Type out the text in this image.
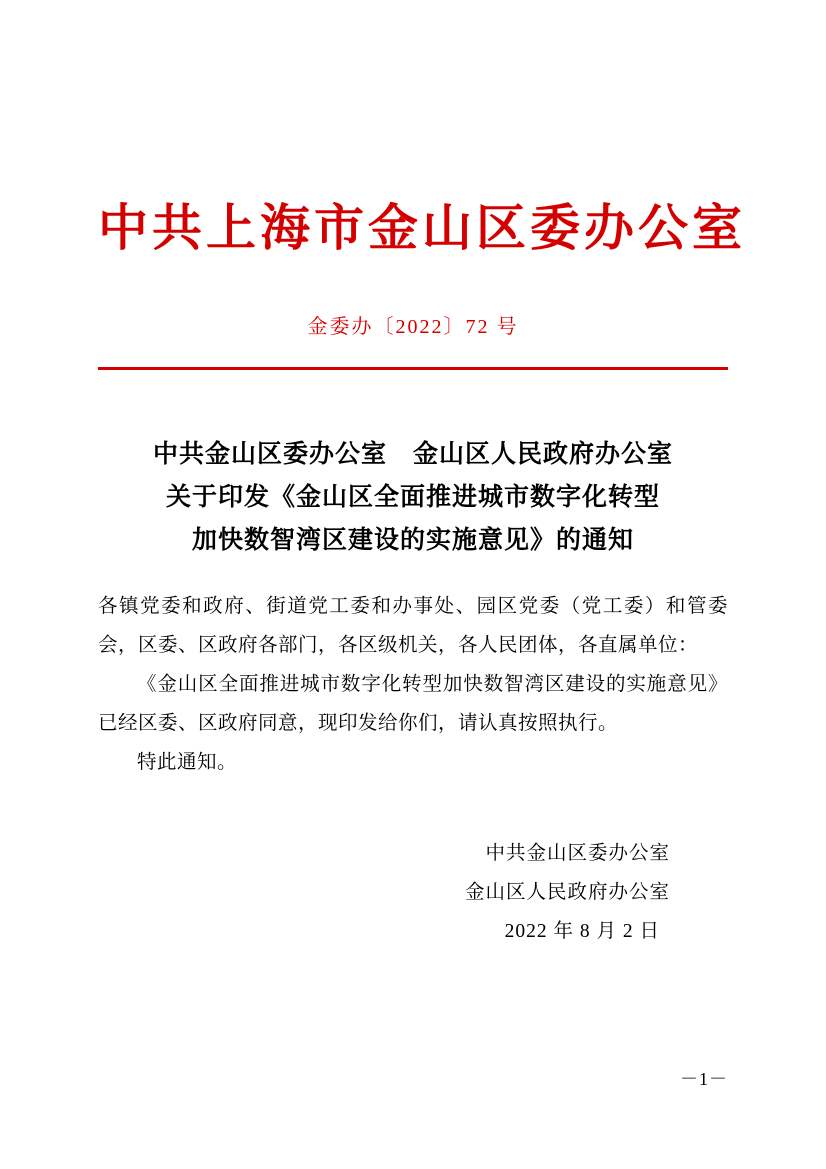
中共上海市金山区委办公室
金委办〔2022〕72 号
中共金山区委办公室　金山区人民政府办公室
关于印发《金山区全面推进城市数字化转型
加快数智湾区建设的实施意见》的通知

各镇党委和政府、街道党工委和办事处、园区党委（党工委）和管委会，区委、区政府各部门，各区级机关，各人民团体，各直属单位：

《金山区全面推进城市数字化转型加快数智湾区建设的实施意见》已经区委、区政府同意，现印发给你们，请认真按照执行。

特此通知。

中共金山区委办公室
金山区人民政府办公室
2022 年 8 月 2 日
－1－
